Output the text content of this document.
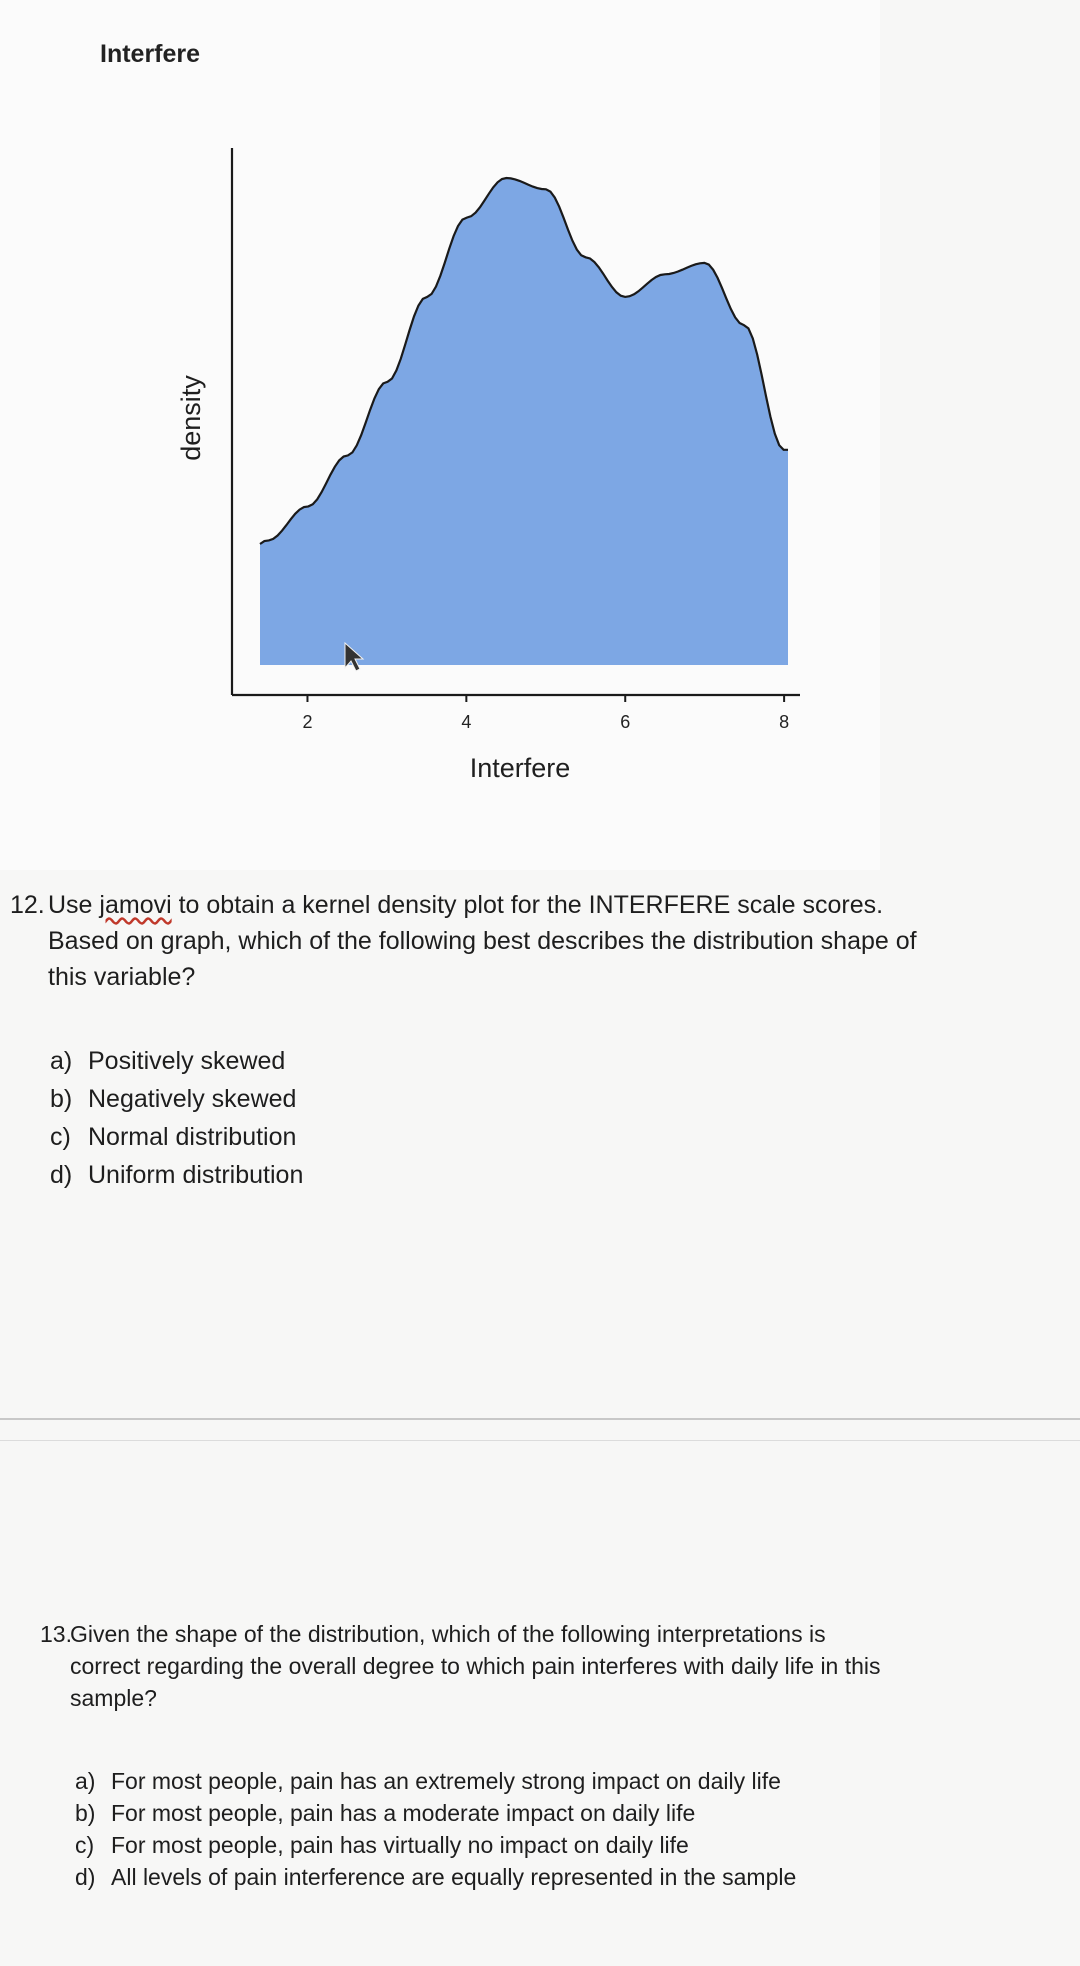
Interfere
2	4	6	8
Interfere
density
12. Use jamovi to obtain a kernel density plot for the INTERFERE scale scores.
Based on graph, which of the following best describes the distribution shape of
this variable?
a) Positively skewed
b) Negatively skewed
c) Normal distribution
d) Uniform distribution
13.
Given the shape of the distribution, which of the following interpretations is
correct regarding the overall degree to which pain interferes with daily life in this
sample?
a) For most people, pain has an extremely strong impact on daily life
b) For most people, pain has a moderate impact on daily life
c) For most people, pain has virtually no impact on daily life
d) All levels of pain interference are equally represented in the sample
